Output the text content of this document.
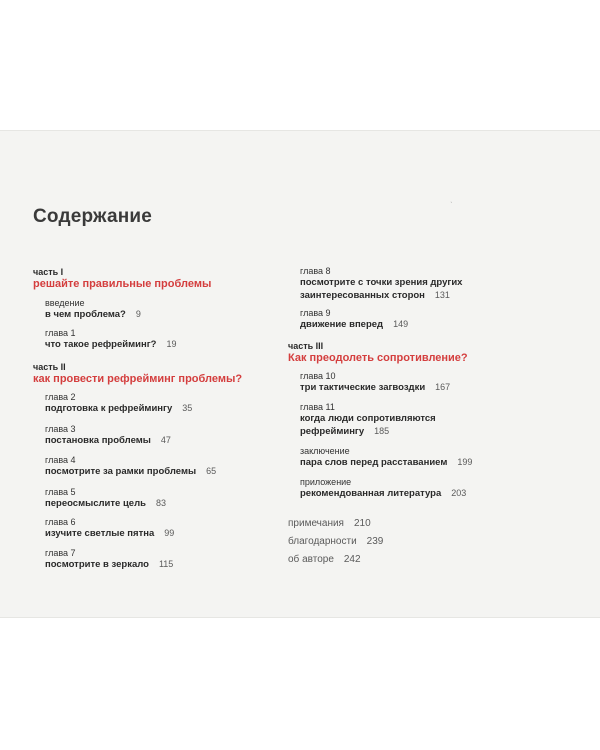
Содержание
ˎ
часть I
решайте правильные проблемы
введение
в чем проблема? 9
глава 1
что такое рефрейминг? 19
часть II
как провести рефрейминг проблемы?
глава 2
подготовка к рефреймингу 35
глава 3
постановка проблемы 47
глава 4
посмотрите за рамки проблемы 65
глава 5
переосмыслите цель 83
глава 6
изучите светлые пятна 99
глава 7
посмотрите в зеркало 115
глава 8
посмотрите с точки зрения других
заинтересованных сторон 131
глава 9
движение вперед 149
часть III
Как преодолеть сопротивление?
глава 10
три тактические загвоздки 167
глава 11
когда люди сопротивляются
рефреймингу 185
заключение
пара слов перед расставанием 199
приложение
рекомендованная литература 203
примечания 210
благодарности 239
об авторе 242
